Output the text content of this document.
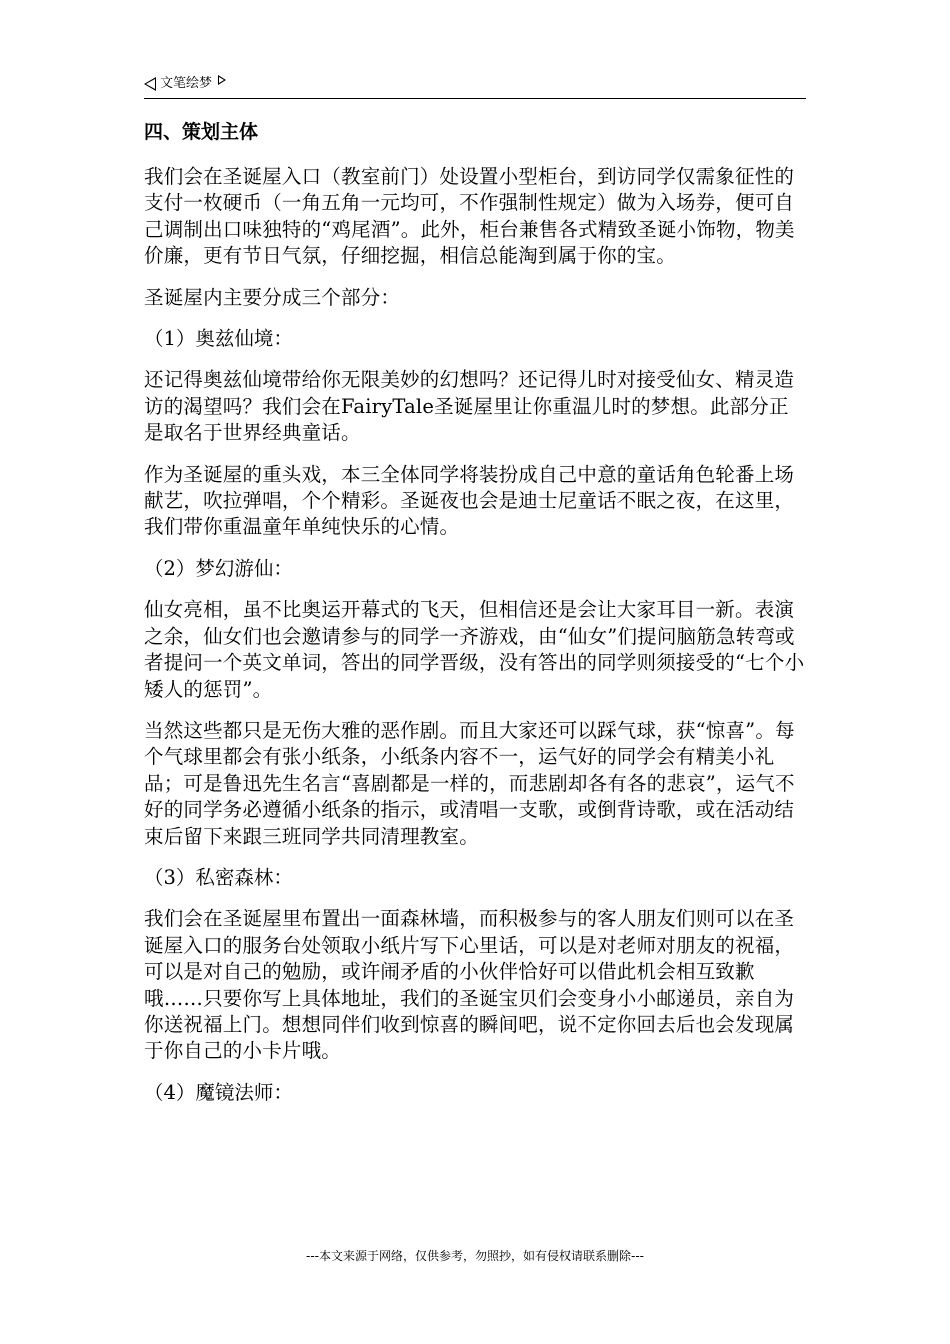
文笔绘梦
四、策划主体

我们会在圣诞屋入口（教室前门）处设置小型柜台，到访同学仅需象征性的支付一枚硬币（一角五角一元均可，不作强制性规定）做为入场券，便可自己调制出口味独特的“鸡尾酒”。此外，柜台兼售各式精致圣诞小饰物，物美价廉，更有节日气氛，仔细挖掘，相信总能淘到属于你的宝。

圣诞屋内主要分成三个部分：

（1）奥兹仙境：

还记得奥兹仙境带给你无限美妙的幻想吗？还记得儿时对接受仙女、精灵造访的渴望吗？我们会在FairyTale圣诞屋里让你重温儿时的梦想。此部分正是取名于世界经典童话。

作为圣诞屋的重头戏，本三全体同学将装扮成自己中意的童话角色轮番上场献艺，吹拉弹唱，个个精彩。圣诞夜也会是迪士尼童话不眠之夜，在这里，我们带你重温童年单纯快乐的心情。

（2）梦幻游仙：

仙女亮相，虽不比奥运开幕式的飞天，但相信还是会让大家耳目一新。表演之余，仙女们也会邀请参与的同学一齐游戏，由“仙女”们提问脑筋急转弯或者提问一个英文单词，答出的同学晋级，没有答出的同学则须接受的“七个小矮人的惩罚”。

当然这些都只是无伤大雅的恶作剧。而且大家还可以踩气球，获“惊喜”。每个气球里都会有张小纸条，小纸条内容不一，运气好的同学会有精美小礼品；可是鲁迅先生名言“喜剧都是一样的，而悲剧却各有各的悲哀”，运气不好的同学务必遵循小纸条的指示，或清唱一支歌，或倒背诗歌，或在活动结束后留下来跟三班同学共同清理教室。

（3）私密森林：

我们会在圣诞屋里布置出一面森林墙，而积极参与的客人朋友们则可以在圣诞屋入口的服务台处领取小纸片写下心里话，可以是对老师对朋友的祝福，可以是对自己的勉励，或许闹矛盾的小伙伴恰好可以借此机会相互致歉哦……只要你写上具体地址，我们的圣诞宝贝们会变身小小邮递员，亲自为你送祝福上门。想想同伴们收到惊喜的瞬间吧，说不定你回去后也会发现属于你自己的小卡片哦。

（4）魔镜法师：

---本文来源于网络，仅供参考，勿照抄，如有侵权请联系删除---
